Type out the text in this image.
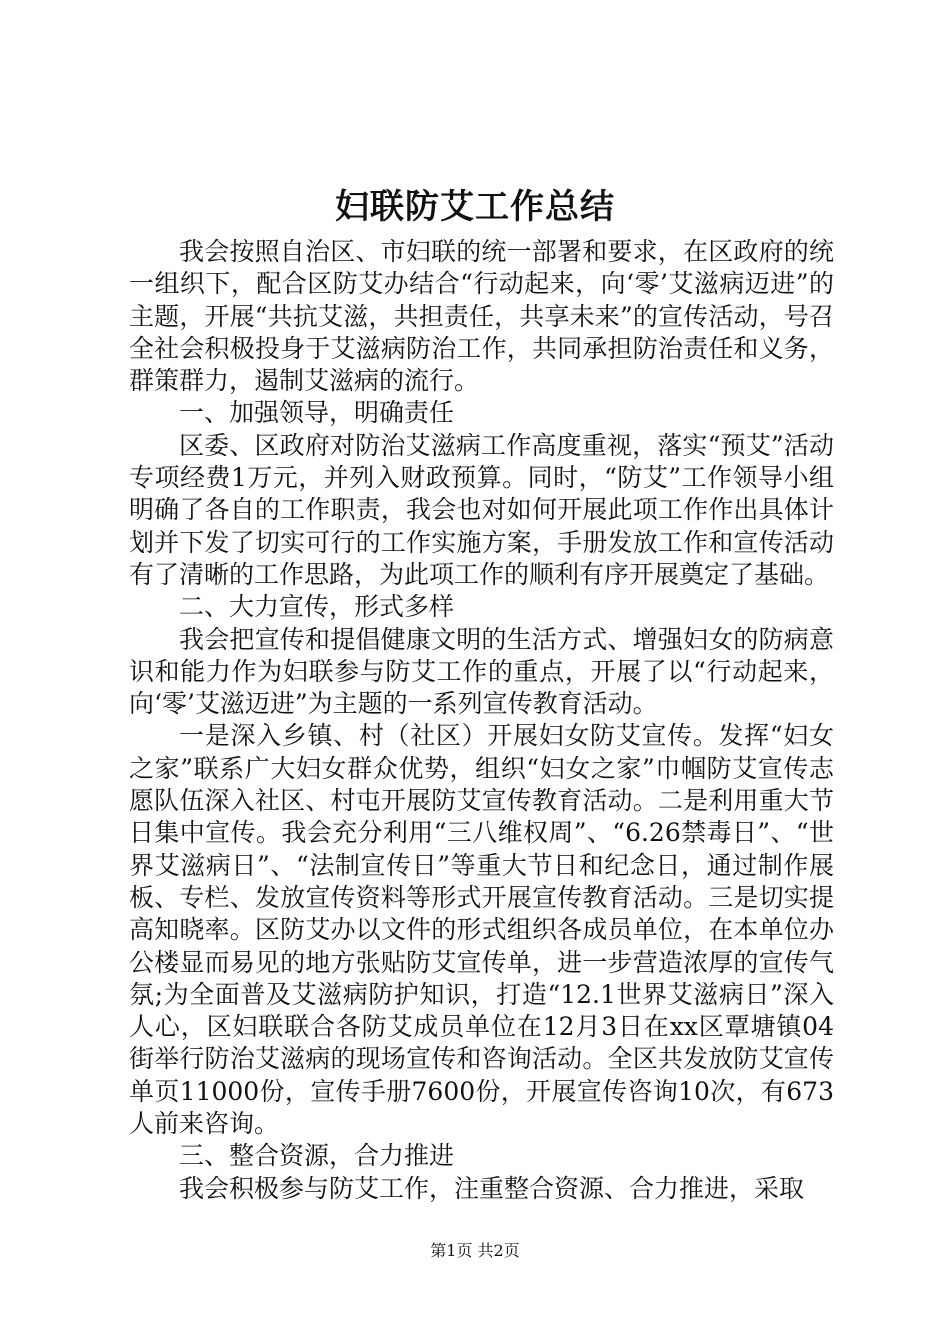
妇联防艾工作总结

我会按照自治区、市妇联的统一部署和要求，在区政府的统一组织下，配合区防艾办结合“行动起来，向‘零’艾滋病迈进”的主题，开展“共抗艾滋，共担责任，共享未来”的宣传活动，号召全社会积极投身于艾滋病防治工作，共同承担防治责任和义务，群策群力，遏制艾滋病的流行。

一、加强领导，明确责任

区委、区政府对防治艾滋病工作高度重视，落实“预艾”活动专项经费1万元，并列入财政预算。同时，“防艾”工作领导小组明确了各自的工作职责，我会也对如何开展此项工作作出具体计划并下发了切实可行的工作实施方案，手册发放工作和宣传活动有了清晰的工作思路，为此项工作的顺利有序开展奠定了基础。

二、大力宣传，形式多样

我会把宣传和提倡健康文明的生活方式、增强妇女的防病意识和能力作为妇联参与防艾工作的重点，开展了以“行动起来，向‘零’艾滋迈进”为主题的一系列宣传教育活动。

一是深入乡镇、村（社区）开展妇女防艾宣传。发挥“妇女之家”联系广大妇女群众优势，组织“妇女之家”巾帼防艾宣传志愿队伍深入社区、村屯开展防艾宣传教育活动。二是利用重大节日集中宣传。我会充分利用“三八维权周”、“6.26禁毒日”、“世界艾滋病日”、“法制宣传日”等重大节日和纪念日，通过制作展板、专栏、发放宣传资料等形式开展宣传教育活动。三是切实提高知晓率。区防艾办以文件的形式组织各成员单位，在本单位办公楼显而易见的地方张贴防艾宣传单，进一步营造浓厚的宣传气氛;为全面普及艾滋病防护知识，打造“12.1世界艾滋病日”深入人心，区妇联联合各防艾成员单位在12月3日在xx区覃塘镇04街举行防治艾滋病的现场宣传和咨询活动。全区共发放防艾宣传单页11000份，宣传手册7600份，开展宣传咨询10次，有673人前来咨询。

三、整合资源，合力推进

我会积极参与防艾工作，注重整合资源、合力推进，采取

第1页 共2页
